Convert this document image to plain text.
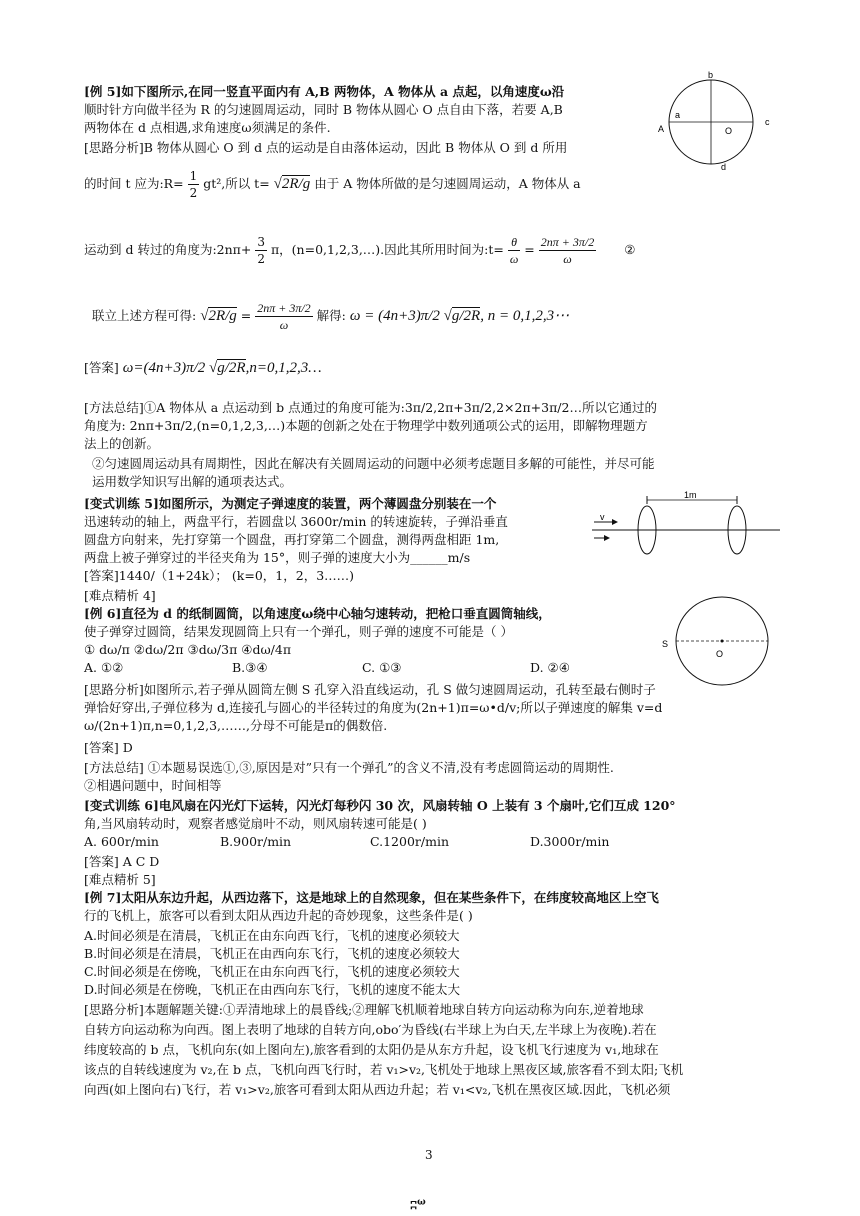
b
a
A	O
c
d
1m
v
S
O
[例 5]如下图所示,在同一竖直平面内有 A,B 两物体，A 物体从 a 点起，以角速度ω沿
顺时针方向做半径为 R 的匀速圆周运动，同时 B 物体从圆心 O 点自由下落，若要 A,B
两物体在 d 点相遇,求角速度ω须满足的条件.
[思路分析]B 物体从圆心 O 到 d 点的运动是自由落体运动，因此 B 物体从 O 到 d 所用
的时间 t 应为:R= $\frac{1}{2} gt^2$,所以 t= √2R/g 由于 A 物体所做的是匀速圆周运动，A 物体从 a
运动到 d 转过的角度为:2nπ+ $\frac{3}{2}$ π，(n=0,1,2,3,…).因此其所用时间为:t= $\frac{\theta}{\omega} = \frac{2n\pi + 3\pi/2}{\omega}$ ②
联立上述方程可得: $√2R/g = \frac{2n\pi + 3\pi/2}{\omega}$ 解得: ω = (4n+3)π/2 √g/2R, n = 0,1,2,3⋯
[答案] ω=(4n+3)π/2 √g/2R,n=0,1,2,3…
[方法总结]①A 物体从 a 点运动到 b 点通过的角度可能为:3π/2,2π+3π/2,2×2π+3π/2…所以它通过的
角度为: 2nπ+3π/2,(n=0,1,2,3,…)本题的创新之处在于物理学中数列通项公式的运用，即解物理题方
法上的创新。
②匀速圆周运动具有周期性，因此在解决有关圆周运动的问题中必须考虑题目多解的可能性，并尽可能
运用数学知识写出解的通项表达式。
[变式训练 5]如图所示，为测定子弹速度的装置，两个薄圆盘分别装在一个
迅速转动的轴上，两盘平行，若圆盘以 3600r/min 的转速旋转，子弹沿垂直
圆盘方向射来，先打穿第一个圆盘，再打穿第二个圆盘，测得两盘相距 1m,
两盘上被子弹穿过的半径夹角为 15°，则子弹的速度大小为______m/s
[答案]1440/（1+24k）； (k=0，1，2，3……)
[难点精析 4]
[例 6]直径为 d 的纸制圆筒，以角速度ω绕中心轴匀速转动，把枪口垂直圆筒轴线，
使子弹穿过圆筒，结果发现圆筒上只有一个弹孔，则子弹的速度不可能是（ ）
① dω/π ②dω/2π ③dω/3π ④dω/4π
A. ①②	B.③④	C. ①③	D. ②④
[思路分析]如图所示,若子弹从圆筒左侧 S 孔穿入沿直线运动，孔 S 做匀速圆周运动，孔转至最右侧时子
弹恰好穿出,子弹位移为 d,连接孔与圆心的半径转过的角度为(2n+1)π=ω•d/v;所以子弹速度的解集 v=d
ω/(2n+1)π,n=0,1,2,3,……,分母不可能是π的偶数倍.
[答案] D
[方法总结] ①本题易误选①,③,原因是对”只有一个弹孔”的含义不清,没有考虑圆筒运动的周期性.
②相遇问题中，时间相等
[变式训练 6]电风扇在闪光灯下运转，闪光灯每秒闪 30 次，风扇转轴 O 上装有 3 个扇叶,它们互成 120°
角,当风扇转动时，观察者感觉扇叶不动，则风扇转速可能是( )
A. 600r/min	B.900r/min	C.1200r/min	D.3000r/min
[答案] A C D
[难点精析 5]
[例 7]太阳从东边升起，从西边落下，这是地球上的自然现象，但在某些条件下，在纬度较高地区上空飞
行的飞机上，旅客可以看到太阳从西边升起的奇妙现象，这些条件是( )
A.时间必须是在清晨，飞机正在由东向西飞行，飞机的速度必须较大
B.时间必须是在清晨，飞机正在由西向东飞行，飞机的速度必须较大
C.时间必须是在傍晚，飞机正在由东向西飞行，飞机的速度必须较大
D.时间必须是在傍晚，飞机正在由西向东飞行，飞机的速度不能太大
[思路分析]本题解题关键:①弄清地球上的晨昏线;②理解飞机顺着地球自转方向运动称为向东,逆着地球
自转方向运动称为向西。图上表明了地球的自转方向,obo′为昏线(右半球上为白天,左半球上为夜晚).若在
纬度较高的 b 点，飞机向东(如上图向左),旅客看到的太阳仍是从东方升起，设飞机飞行速度为 v₁,地球在
该点的自转线速度为 v₂,在 b 点，飞机向西飞行时，若 v₁>v₂,飞机处于地球上黑夜区域,旅客看不到太阳;飞机
向西(如上图向右)飞行，若 v₁>v₂,旅客可看到太阳从西边升起；若 v₁<v₂,飞机在黑夜区域.因此，飞机必须
3
ʭ$^\omega$
